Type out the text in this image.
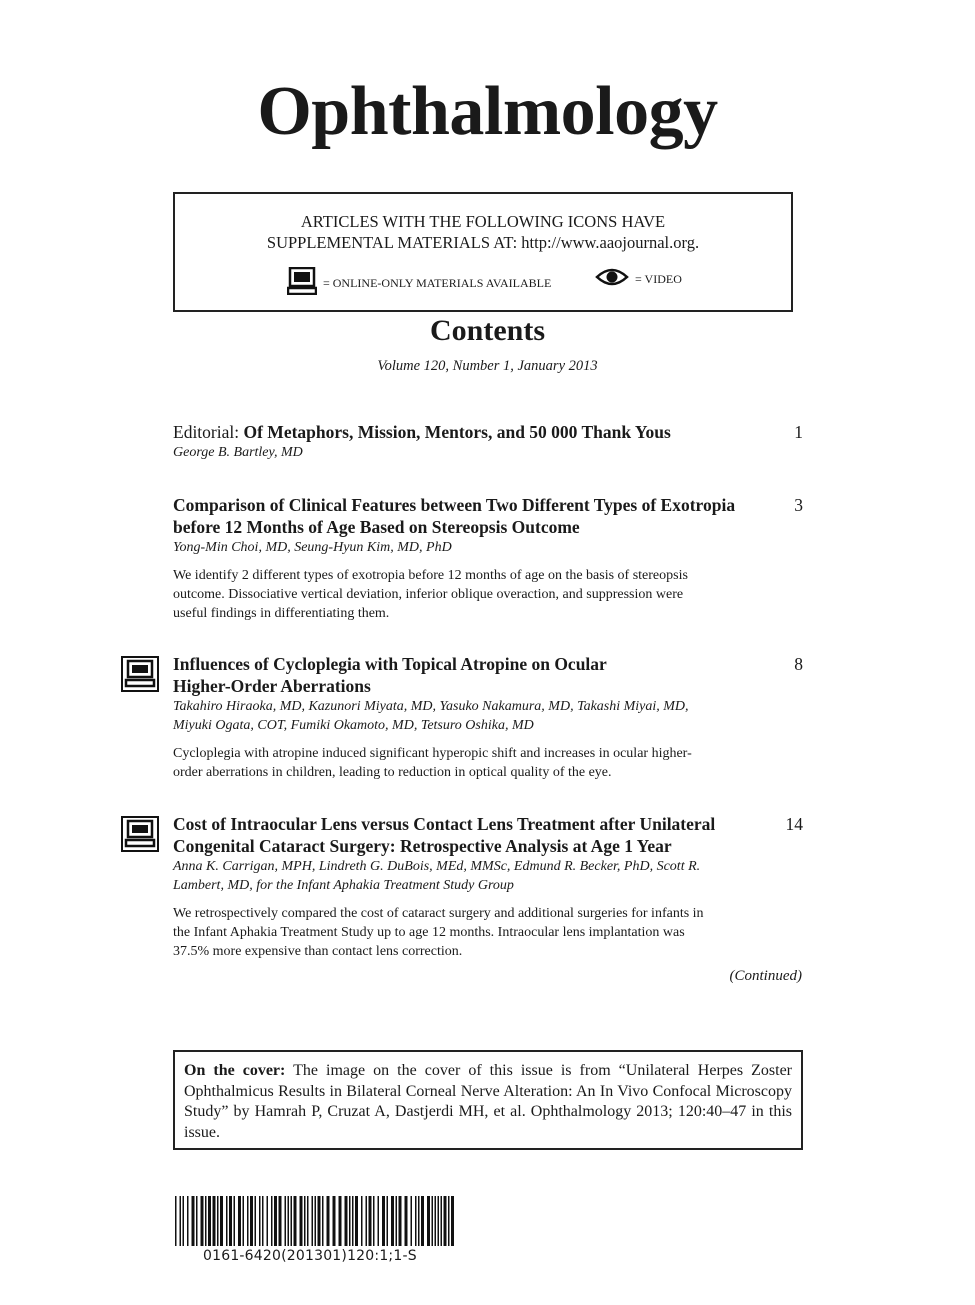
Ophthalmology
ARTICLES WITH THE FOLLOWING ICONS HAVE
SUPPLEMENTAL MATERIALS AT: http://www.aaojournal.org.
= ONLINE-ONLY MATERIALS AVAILABLE	= VIDEO
Contents
Volume 120, Number 1, January 2013
Editorial: Of Metaphors, Mission, Mentors, and 50 000 Thank Yous	1
George B. Bartley, MD
Comparison of Clinical Features between Two Different Types of Exotropia before 12 Months of Age Based on Stereopsis Outcome
3
Yong-Min Choi, MD, Seung-Hyun Kim, MD, PhD
We identify 2 different types of exotropia before 12 months of age on the basis of stereopsis outcome. Dissociative vertical deviation, inferior oblique overaction, and suppression were useful findings in differentiating them.
Influences of Cycloplegia with Topical Atropine on Ocular Higher-Order Aberrations
8
Takahiro Hiraoka, MD, Kazunori Miyata, MD, Yasuko Nakamura, MD, Takashi Miyai, MD, Miyuki Ogata, COT, Fumiki Okamoto, MD, Tetsuro Oshika, MD
Cycloplegia with atropine induced significant hyperopic shift and increases in ocular higher-order aberrations in children, leading to reduction in optical quality of the eye.
Cost of Intraocular Lens versus Contact Lens Treatment after Unilateral Congenital Cataract Surgery: Retrospective Analysis at Age 1 Year
14
Anna K. Carrigan, MPH, Lindreth G. DuBois, MEd, MMSc, Edmund R. Becker, PhD, Scott R. Lambert, MD, for the Infant Aphakia Treatment Study Group
We retrospectively compared the cost of cataract surgery and additional surgeries for infants in the Infant Aphakia Treatment Study up to age 12 months. Intraocular lens implantation was 37.5% more expensive than contact lens correction.
(Continued)
On the cover: The image on the cover of this issue is from “Unilateral Herpes Zoster Ophthalmicus Results in Bilateral Corneal Nerve Alteration: An In Vivo Confocal Microscopy Study” by Hamrah P, Cruzat A, Dastjerdi MH, et al. Ophthalmology 2013; 120:40–47 in this issue.
0161-6420(201301)120:1;1-S
